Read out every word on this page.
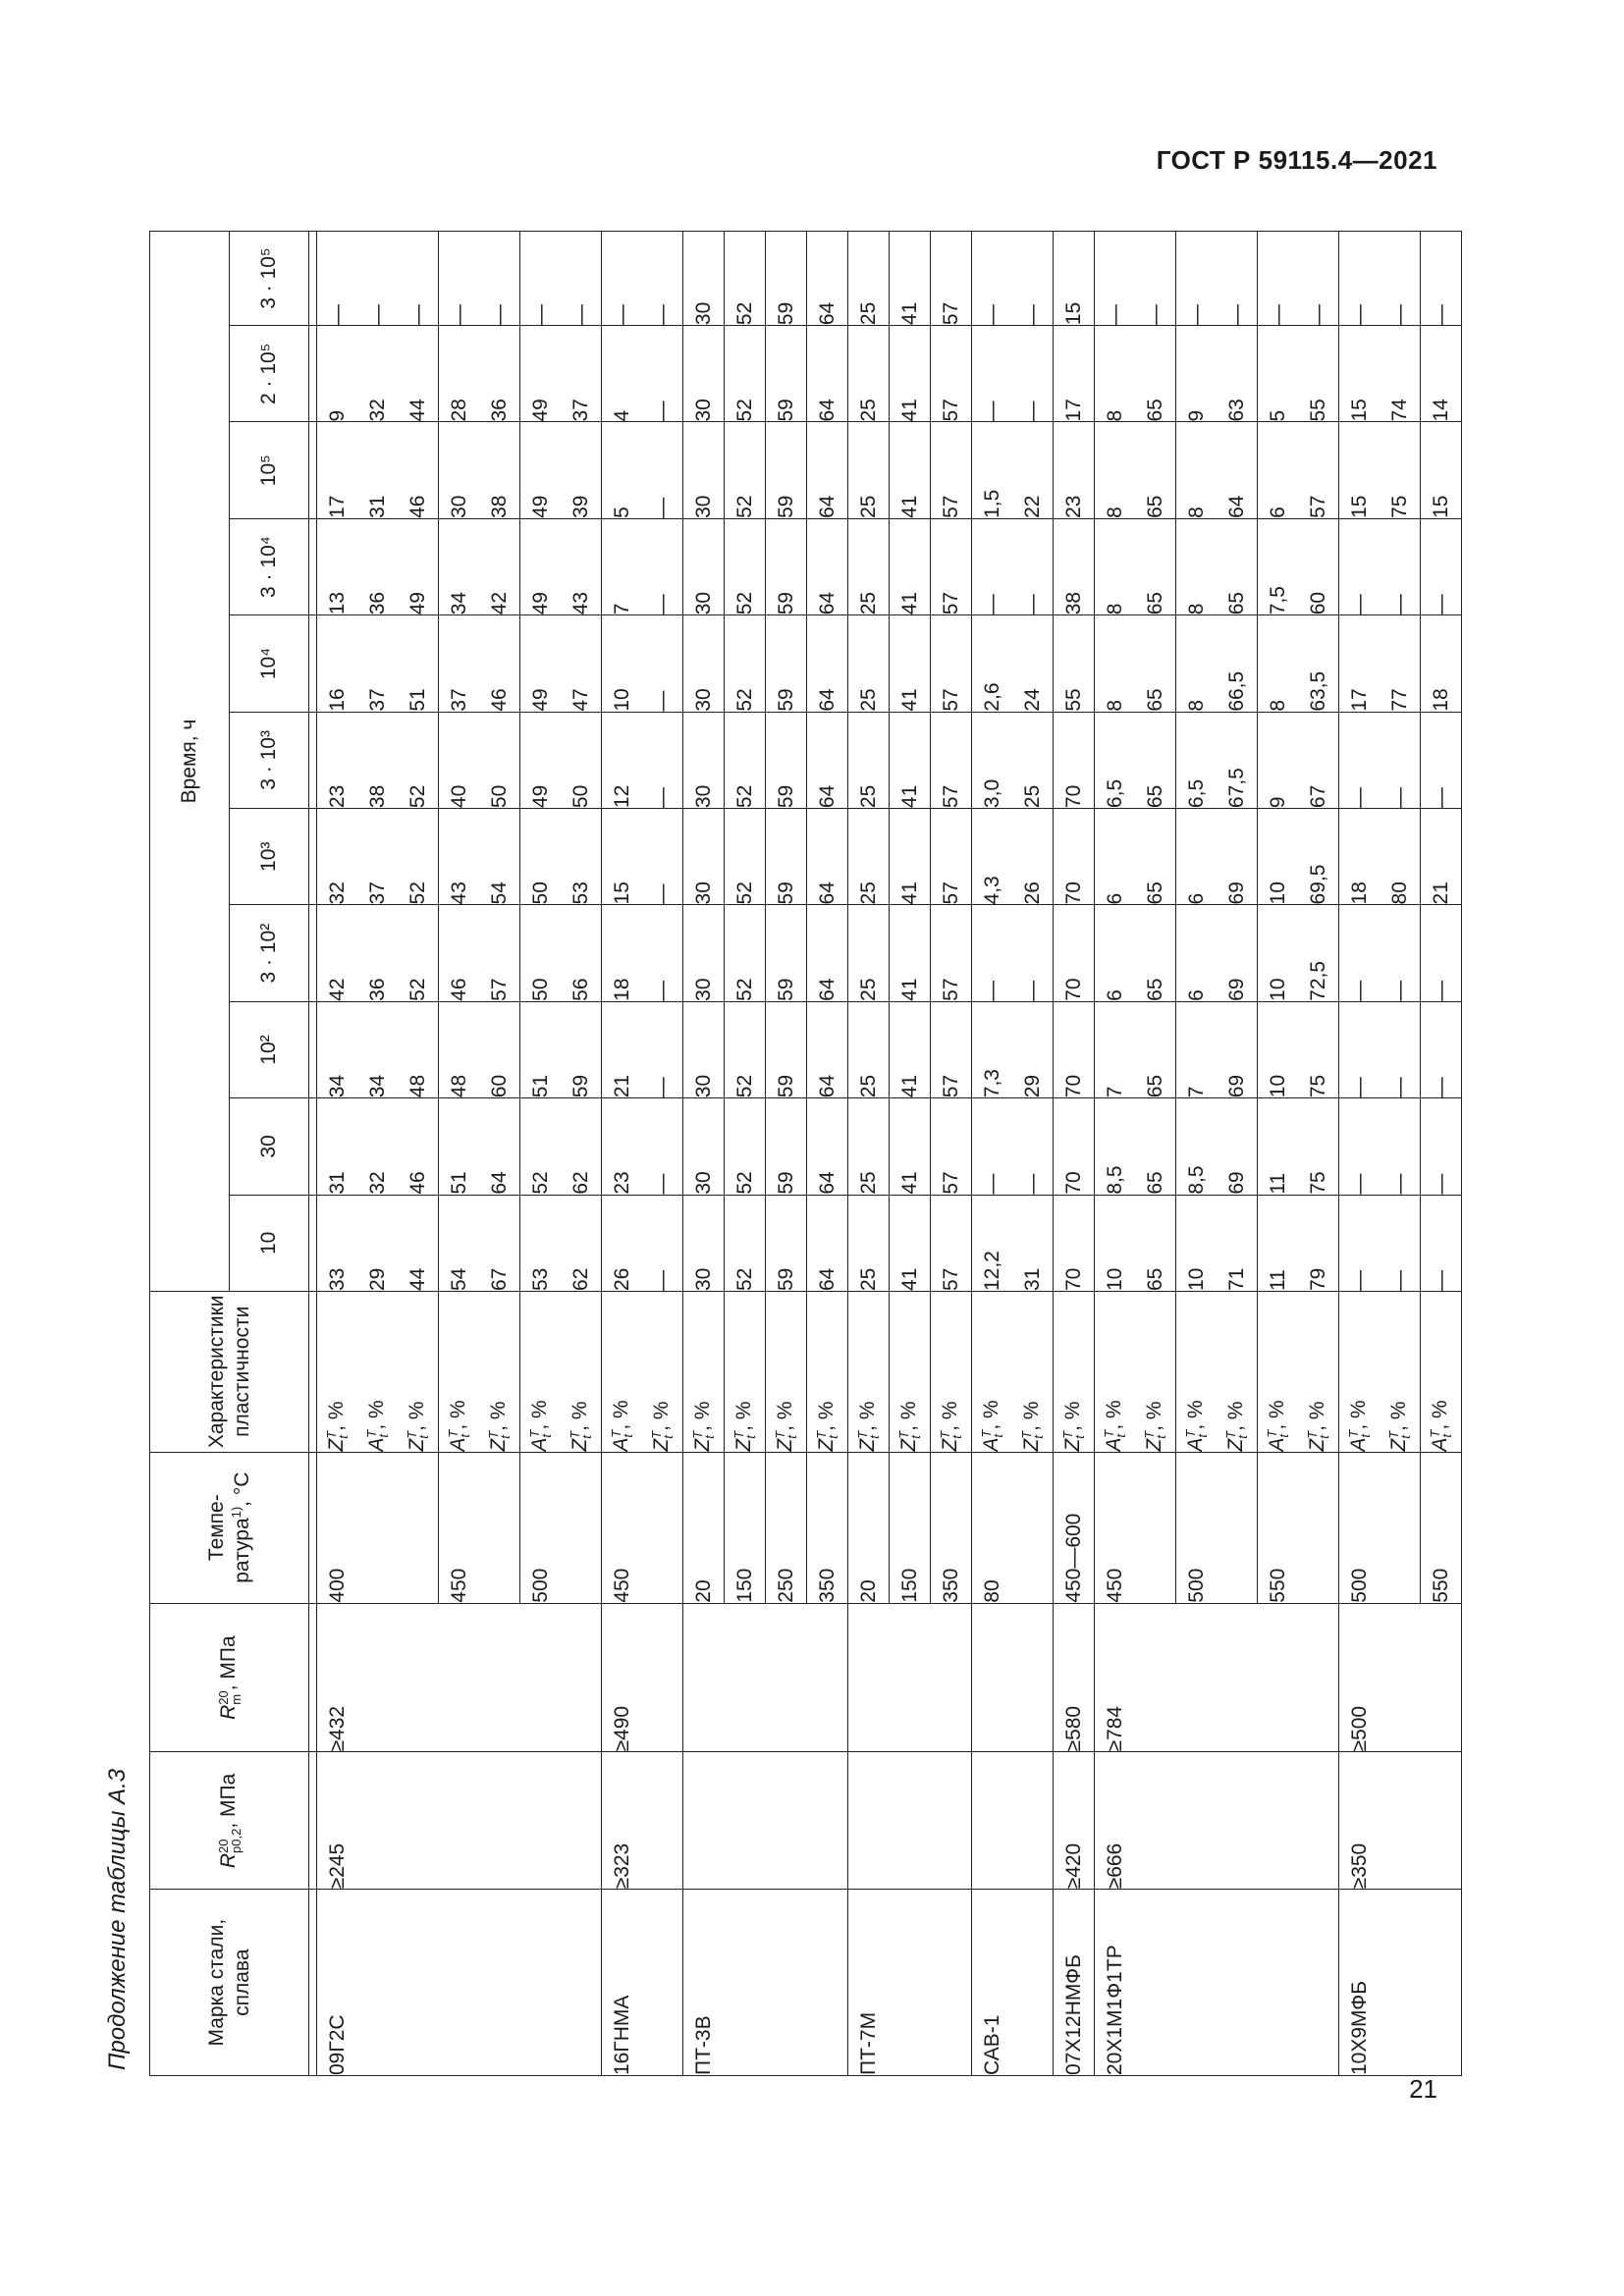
ГОСТ Р 59115.4—2021
Продолжение таблицы А.3	Марка стали, сплава	R
20
p0,2
, МПа	R
20
m
, МПа	Темпе- ратура$^{1)}$, °С	Характеристики пластичности	Время, ч										
					10	30	10²	3 · 10²	10³	3 · 10³	10⁴	3 · 10⁴	10⁵	2 · 10⁵	3 · 10⁵

09Г2С	≥245	≥432	400	Z
T
t
, %	33	31	34	42	32	23	16	13	17	9	—
				A
T
t
, %	29	32	34	36	37	38	37	36	31	32	—
				Z
T
t
, %	44	46	48	52	52	52	51	49	46	44	—
			450	A
T
t
, %	54	51	48	46	43	40	37	34	30	28	—
				Z
T
t
, %	67	64	60	57	54	50	46	42	38	36	—
			500	A
T
t
, %	53	52	51	50	50	49	49	49	49	49	—
				Z
T
t
, %	62	62	59	56	53	50	47	43	39	37	—
16ГНМА	≥323	≥490	450	A
T
t
, %	26	23	21	18	15	12	10	7	5	4	—
				Z
T
t
, %	—	—	—	—	—	—	—	—	—	—	—
ПТ-3В			20	Z
T
t
, %	30	30	30	30	30	30	30	30	30	30	30
			150	Z
T
t
, %	52	52	52	52	52	52	52	52	52	52	52
			250	Z
T
t
, %	59	59	59	59	59	59	59	59	59	59	59
			350	Z
T
t
, %	64	64	64	64	64	64	64	64	64	64	64
ПТ-7М			20	Z
T
t
, %	25	25	25	25	25	25	25	25	25	25	25
			150	Z
T
t
, %	41	41	41	41	41	41	41	41	41	41	41
			350	Z
T
t
, %	57	57	57	57	57	57	57	57	57	57	57
САВ-1			80	A
T
t
, %	12,2	—	7,3	—	4,3	3,0	2,6	—	1,5	—	—
				Z
T
t
, %	31	—	29	—	26	25	24	—	22	—	—
07Х12НМФБ	≥420	≥580	450—600	Z
T
t
, %	70	70	70	70	70	70	55	38	23	17	15
20Х1М1Ф1ТР	≥666	≥784	450	A
T
t
, %	10	8,5	7	6	6	6,5	8	8	8	8	—
				Z
T
t
, %	65	65	65	65	65	65	65	65	65	65	—
			500	A
T
t
, %	10	8,5	7	6	6	6,5	8	8	8	9	—
				Z
T
t
, %	71	69	69	69	69	67,5	66,5	65	64	63	—
			550	A
T
t
, %	11	11	10	10	10	9	8	7,5	6	5	—
				Z
T
t
, %	79	75	75	72,5	69,5	67	63,5	60	57	55	—
10Х9МФБ	≥350	≥500	500	A
T
t
, %	—	—	—	—	18	—	17	—	15	15	—
				Z
T
t
, %	—	—	—	—	80	—	77	—	75	74	—
			550	A
T
t
, %	—	—	—	—	21	—	18	—	15	14	—
21
